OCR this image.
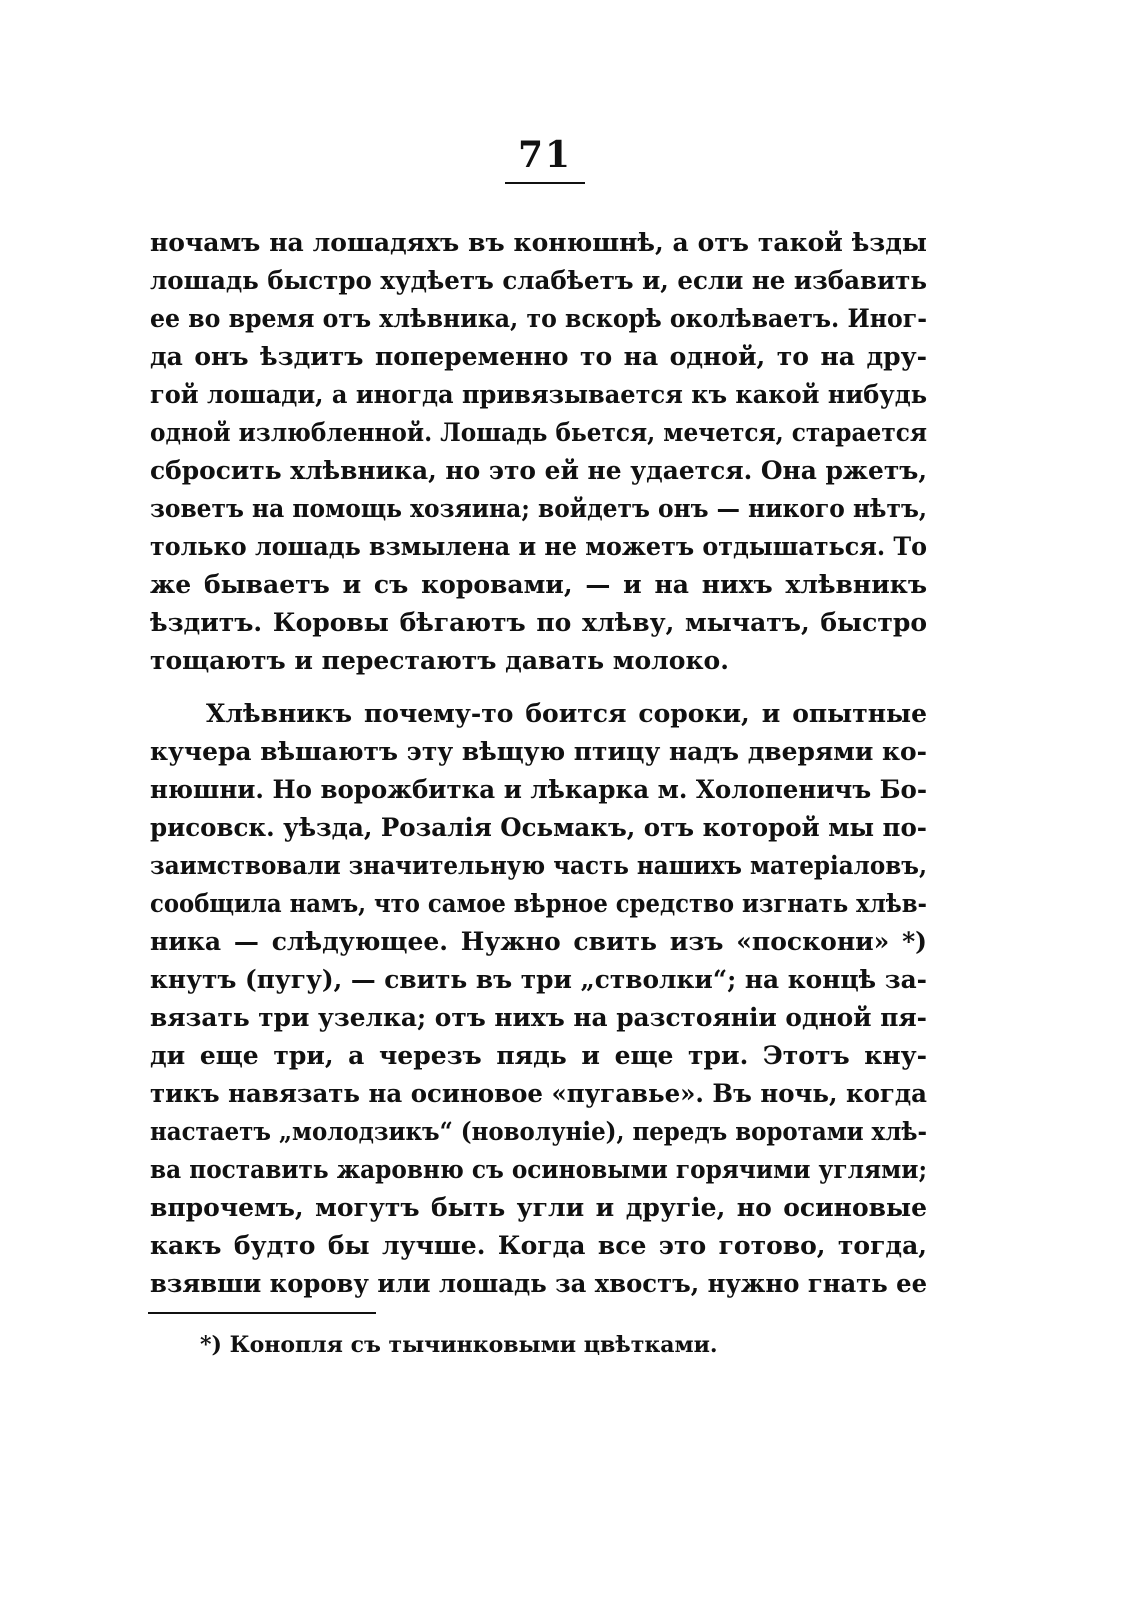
71
ночамъ на лошадяхъ въ конюшнѣ, а отъ такой ѣзды
лошадь быстро худѣетъ слабѣетъ и, если не избавить
ее во время отъ хлѣвника, то вскорѣ околѣваетъ. Иног-
да онъ ѣздитъ попеременно то на одной, то на дру-
гой лошади, а иногда привязывается къ какой нибудь
одной излюбленной. Лошадь бьется, мечется, старается
сбросить хлѣвника, но это ей не удается. Она ржетъ,
зоветъ на помощь хозяина; войдетъ онъ — никого нѣтъ,
только лошадь взмылена и не можетъ отдышаться. То
же бываетъ и съ коровами, — и на нихъ хлѣвникъ
ѣздитъ. Коровы бѣгаютъ по хлѣву, мычатъ, быстро
тощаютъ и перестаютъ давать молоко.
Хлѣвникъ почему-то боится сороки, и опытные
кучера вѣшаютъ эту вѣщую птицу надъ дверями ко-
нюшни. Но ворожбитка и лѣкарка м. Холопеничъ Бо-
рисовск. уѣзда, Розалія Осьмакъ, отъ которой мы по-
заимствовали значительную часть нашихъ матеріаловъ,
сообщила намъ, что самое вѣрное средство изгнать хлѣв-
ника — слѣдующее. Нужно свить изъ «поскони» *)
кнутъ (пугу), — свить въ три „стволки“; на концѣ за-
вязать три узелка; отъ нихъ на разстояніи одной пя-
ди еще три, а черезъ пядь и еще три. Этотъ кну-
тикъ навязать на осиновое «пугавье». Въ ночь, когда
настаетъ „молодзикъ“ (новолуніе), передъ воротами хлѣ-
ва поставить жаровню съ осиновыми горячими углями;
впрочемъ, могутъ быть угли и другіе, но осиновые
какъ будто бы лучше. Когда все это готово, тогда,
взявши корову или лошадь за хвостъ, нужно гнать ее
*) Конопля съ тычинковыми цвѣтками.
